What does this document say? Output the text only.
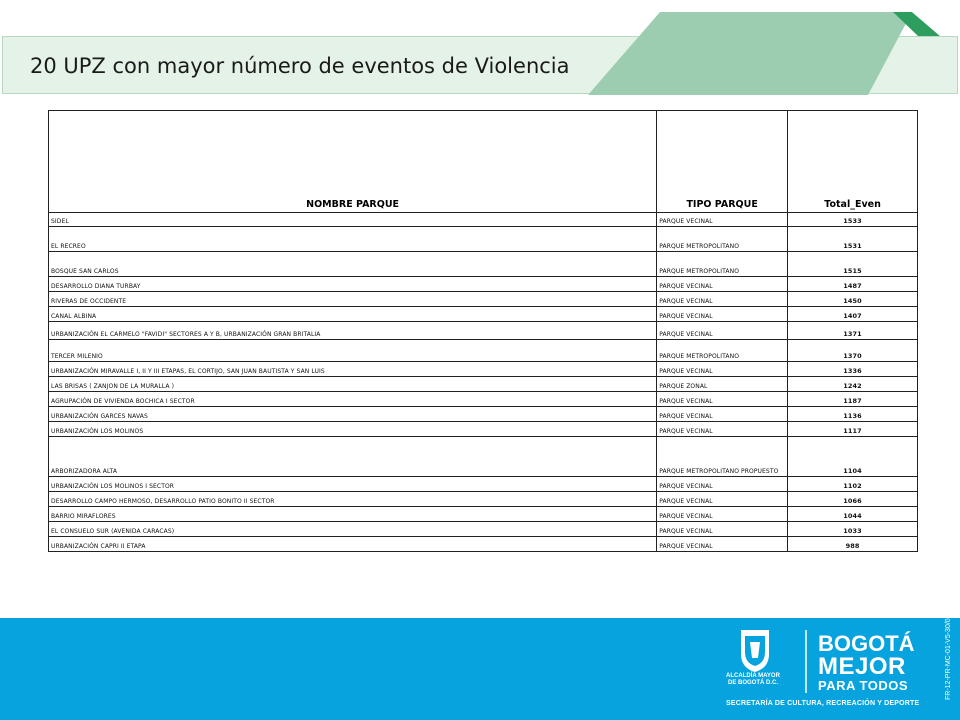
20 UPZ con mayor número de eventos de Violencia
NOMBRE PARQUE	TIPO PARQUE	Total_Even
SIDEL	PARQUE VECINAL	1533
EL RECREO	PARQUE METROPOLITANO	1531
BOSQUE SAN CARLOS	PARQUE METROPOLITANO	1515
DESARROLLO DIANA TURBAY	PARQUE VECINAL	1487
RIVERAS DE OCCIDENTE	PARQUE VECINAL	1450
CANAL ALBINA	PARQUE VECINAL	1407
URBANIZACIÓN EL CARMELO "FAVIDI" SECTORES A Y B, URBANIZACIÓN GRAN BRITALIA	PARQUE VECINAL	1371
TERCER MILENIO	PARQUE METROPOLITANO	1370
URBANIZACIÓN MIRAVALLE I, II Y III ETAPAS, EL CORTIJO, SAN JUAN BAUTISTA Y SAN LUIS	PARQUE VECINAL	1336
LAS BRISAS ( ZANJON DE LA MURALLA )	PARQUE ZONAL	1242
AGRUPACIÓN DE VIVIENDA BOCHICA I SECTOR	PARQUE VECINAL	1187
URBANIZACIÓN GARCES NAVAS	PARQUE VECINAL	1136
URBANIZACIÓN LOS MOLINOS	PARQUE VECINAL	1117
ARBORIZADORA ALTA	PARQUE METROPOLITANO PROPUESTO	1104
URBANIZACIÓN LOS MOLINOS I SECTOR	PARQUE VECINAL	1102
DESARROLLO CAMPO HERMOSO, DESARROLLO PATIO BONITO II SECTOR	PARQUE VECINAL	1066
BARRIO MIRAFLORES	PARQUE VECINAL	1044
EL CONSUELO SUR (AVENIDA CARACAS)	PARQUE VECINAL	1033
URBANIZACIÓN CAPRI II ETAPA	PARQUE VECINAL	988
ALCALDÍA MAYOR DE BOGOTÁ D.C.
BOGOTÁ
MEJOR
PARA TODOS
SECRETARÍA DE CULTURA, RECREACIÓN Y DEPORTE
FR-12-PR-MC-01-V5-30/02/2016
